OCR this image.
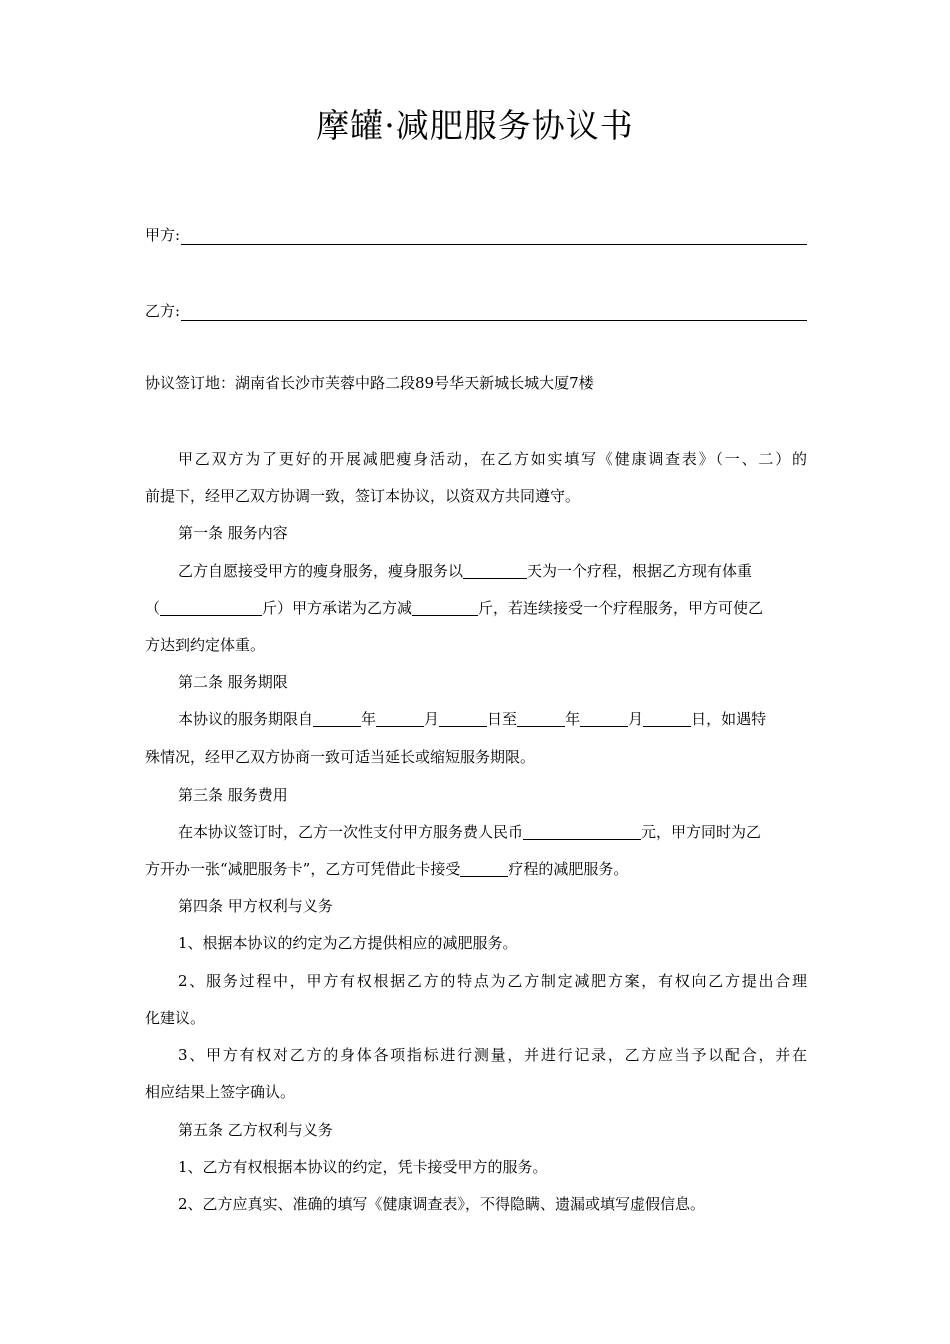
摩罐·减肥服务协议书
甲方:
乙方:
协议签订地：湖南省长沙市芙蓉中路二段89号华天新城长城大厦7楼
甲乙双方为了更好的开展减肥瘦身活动，在乙方如实填写《健康调查表》（一、二）的
前提下，经甲乙双方协调一致，签订本协议，以资双方共同遵守。
第一条 服务内容
乙方自愿接受甲方的瘦身服务，瘦身服务以	天为一个疗程，根据乙方现有体重
（	斤）甲方承诺为乙方减	斤，若连续接受一个疗程服务，甲方可使乙
方达到约定体重。
第二条 服务期限
本协议的服务期限自	年	月	日至	年	月	日，如遇特
殊情况，经甲乙双方协商一致可适当延长或缩短服务期限。
第三条 服务费用
在本协议签订时，乙方一次性支付甲方服务费人民币	元，甲方同时为乙
方开办一张“减肥服务卡”，乙方可凭借此卡接受	疗程的减肥服务。
第四条 甲方权利与义务
1、根据本协议的约定为乙方提供相应的减肥服务。
2、服务过程中，甲方有权根据乙方的特点为乙方制定减肥方案，有权向乙方提出合理
化建议。
3、甲方有权对乙方的身体各项指标进行测量，并进行记录，乙方应当予以配合，并在
相应结果上签字确认。
第五条 乙方权利与义务
1、乙方有权根据本协议的约定，凭卡接受甲方的服务。
2、乙方应真实、准确的填写《健康调查表》，不得隐瞒、遗漏或填写虚假信息。
